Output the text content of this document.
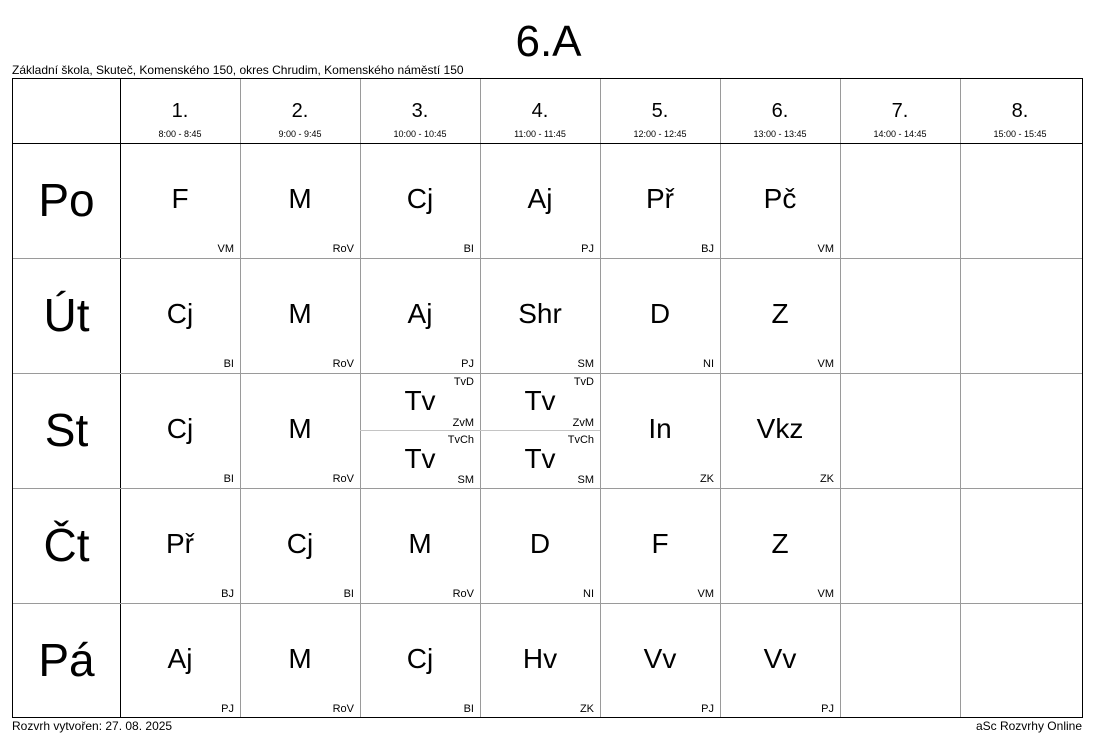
6.A
Základní škola, Skuteč, Komenského 150, okres Chrudim, Komenského náměstí 150
1.
8:00 - 8:45
2.
9:00 - 9:45
3.
10:00 - 10:45
4.
11:00 - 11:45
5.
12:00 - 12:45
6.
13:00 - 13:45
7.
14:00 - 14:45
8.
15:00 - 15:45
Po
Út
St
Čt
Pá
F
VM
M
RoV
Cj
BI
Aj
PJ
Př
BJ
Pč
VM
Cj
BI
M
RoV
Aj
PJ
Shr
SM
D
NI
Z
VM
Cj
BI
M
RoV
Tv
TvD
ZvM
Tv
TvCh
SM
Tv
TvD
ZvM
Tv
TvCh
SM
In
ZK
Vkz
ZK
Př
BJ
Cj
BI
M
RoV
D
NI
F
VM
Z
VM
Aj
PJ
M
RoV
Cj
BI
Hv
ZK
Vv
PJ
Vv
PJ
Rozvrh vytvořen: 27. 08. 2025	aSc Rozvrhy Online
